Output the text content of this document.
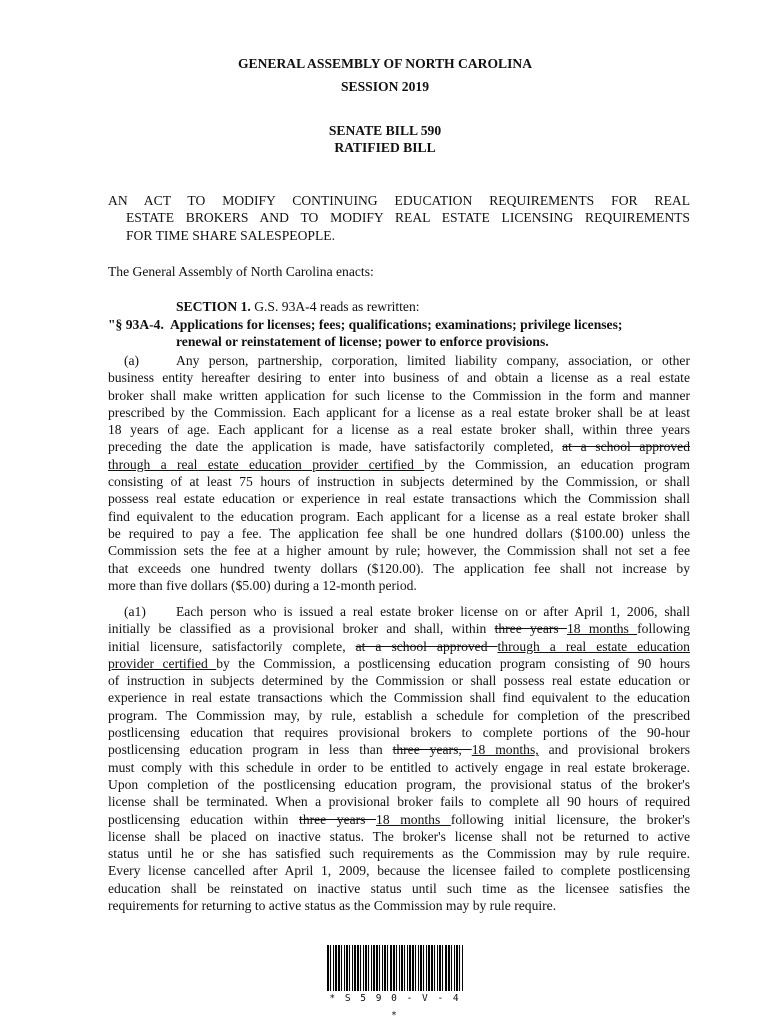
GENERAL ASSEMBLY OF NORTH CAROLINA
SESSION 2019
SENATE BILL 590
RATIFIED BILL
AN ACT TO MODIFY CONTINUING EDUCATION REQUIREMENTS FOR REAL
ESTATE BROKERS AND TO MODIFY REAL ESTATE LICENSING REQUIREMENTS
FOR TIME SHARE SALESPEOPLE.
The General Assembly of North Carolina enacts:
SECTION 1. G.S. 93A-4 reads as rewritten:
"§ 93A-4. Applications for licenses; fees; qualifications; examinations; privilege licenses;
renewal or reinstatement of license; power to enforce provisions.
(a)	Any person, partnership, corporation, limited liability company, association, or other
business entity hereafter desiring to enter into business of and obtain a license as a real estate
broker shall make written application for such license to the Commission in the form and manner
prescribed by the Commission. Each applicant for a license as a real estate broker shall be at least
18 years of age. Each applicant for a license as a real estate broker shall, within three years
preceding the date the application is made, have satisfactorily completed, at a school approved
through a real estate education provider certified by the Commission, an education program
consisting of at least 75 hours of instruction in subjects determined by the Commission, or shall
possess real estate education or experience in real estate transactions which the Commission shall
find equivalent to the education program. Each applicant for a license as a real estate broker shall
be required to pay a fee. The application fee shall be one hundred dollars ($100.00) unless the
Commission sets the fee at a higher amount by rule; however, the Commission shall not set a fee
that exceeds one hundred twenty dollars ($120.00). The application fee shall not increase by
more than five dollars ($5.00) during a 12-month period.
(a1) Each person who is issued a real estate broker license on or after April 1, 2006, shall
initially be classified as a provisional broker and shall, within three years 18 months following
initial licensure, satisfactorily complete, at a school approved through a real estate education
provider certified by the Commission, a postlicensing education program consisting of 90 hours
of instruction in subjects determined by the Commission or shall possess real estate education or
experience in real estate transactions which the Commission shall find equivalent to the education
program. The Commission may, by rule, establish a schedule for completion of the prescribed
postlicensing education that requires provisional brokers to complete portions of the 90-hour
postlicensing education program in less than three years, 18 months, and provisional brokers
must comply with this schedule in order to be entitled to actively engage in real estate brokerage.
Upon completion of the postlicensing education program, the provisional status of the broker's
license shall be terminated. When a provisional broker fails to complete all 90 hours of required
postlicensing education within three years 18 months following initial licensure, the broker's
license shall be placed on inactive status. The broker's license shall not be returned to active
status until he or she has satisfied such requirements as the Commission may by rule require.
Every license cancelled after April 1, 2009, because the licensee failed to complete postlicensing
education shall be reinstated on inactive status until such time as the licensee satisfies the
requirements for returning to active status as the Commission may by rule require.
* S 5 9 0 - V - 4 *
